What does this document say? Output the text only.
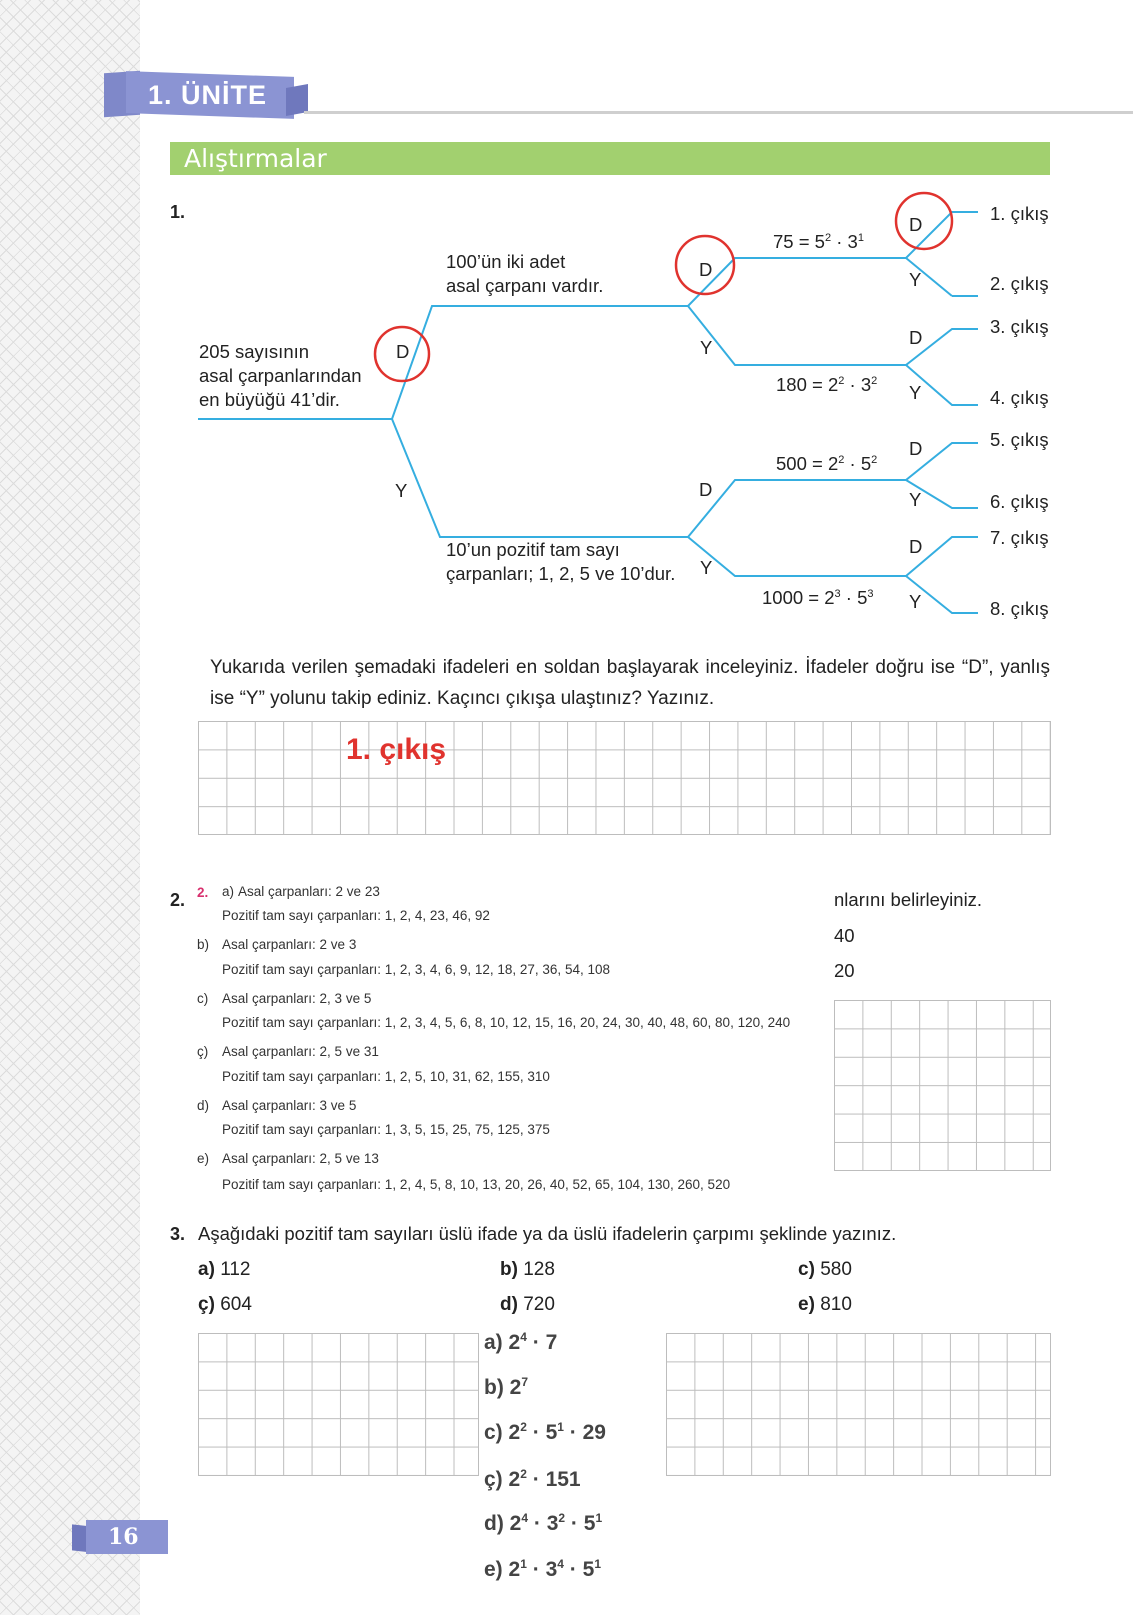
1. ÜNİTE
Alıştırmalar
1.
205 sayısının
asal çarpanlarından
en büyüğü 41’dir.
100’ün iki adet
asal çarpanı vardır.
10’un pozitif tam sayı
çarpanları; 1, 2, 5 ve 10’dur.
$75 = 5^2 \cdot 3^1$
$180 = 2^2 \cdot 3^2$
$500 = 2^2 \cdot 5^2$
$1000 = 2^3 \cdot 5^3$
D
Y
D
Y
D
Y
D
Y
D
Y
D
Y
D
Y
1. çıkış
2. çıkış
3. çıkış
4. çıkış
5. çıkış
6. çıkış
7. çıkış
8. çıkış
Yukarıda verilen şemadaki ifadeleri en soldan başlayarak inceleyiniz. İfadeler doğru ise “D”, yanlış ise “Y” yolunu takip ediniz. Kaçıncı çıkışa ulaştınız? Yazınız.
1. çıkış
2. 2.	nlarını belirleyiniz.
40
20
a) Asal çarpanları: 2 ve 23
Pozitif tam sayı çarpanları: 1, 2, 4, 23, 46, 92
b) Asal çarpanları: 2 ve 3
Pozitif tam sayı çarpanları: 1, 2, 3, 4, 6, 9, 12, 18, 27, 36, 54, 108
c) Asal çarpanları: 2, 3 ve 5
Pozitif tam sayı çarpanları: 1, 2, 3, 4, 5, 6, 8, 10, 12, 15, 16, 20, 24, 30, 40, 48, 60, 80, 120, 240
ç) Asal çarpanları: 2, 5 ve 31
Pozitif tam sayı çarpanları: 1, 2, 5, 10, 31, 62, 155, 310
d) Asal çarpanları: 3 ve 5
Pozitif tam sayı çarpanları: 1, 3, 5, 15, 25, 75, 125, 375
e) Asal çarpanları: 2, 5 ve 13
Pozitif tam sayı çarpanları: 1, 2, 4, 5, 8, 10, 13, 20, 26, 40, 52, 65, 104, 130, 260, 520
3. Aşağıdaki pozitif tam sayıları üslü ifade ya da üslü ifadelerin çarpımı şeklinde yazınız.
a) 112	b) 128	c) 580
ç) 604	d) 720	e) 810
a) $2^4 \cdot 7$
b) $2^7$
c) $2^2 \cdot 5^1 \cdot 29$
ç) $2^2 \cdot 151$
d) $2^4 \cdot 3^2 \cdot 5^1$
e) $2^1 \cdot 3^4 \cdot 5^1$
16
